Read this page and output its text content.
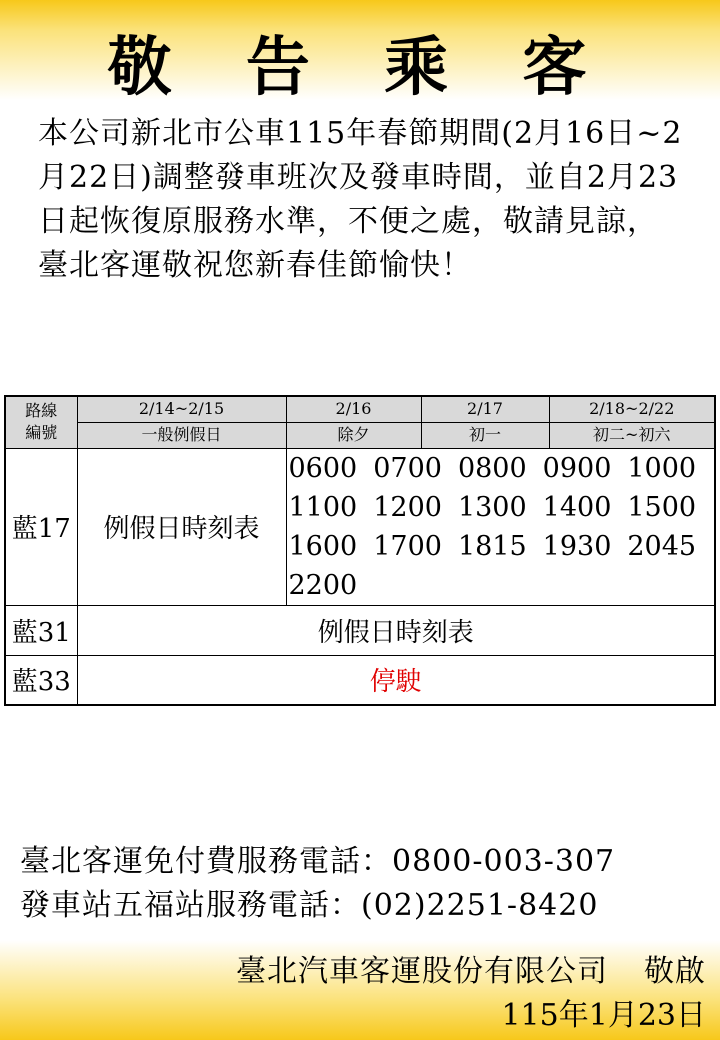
敬 告 乘 客
本公司新北市公車115年春節期間(2月16日~2月22日)調整發車班次及發車時間，並自2月23日起恢復原服務水準，不便之處，敬請見諒，臺北客運敬祝您新春佳節愉快！
路線
編號	2/14~2/15	2/16	2/17	2/18~2/22
	一般例假日	除夕	初一	初二~初六
藍17	例假日時刻表	0600 0700 0800 0900 1000
1100 1200 1300 1400 1500
1600 1700 1815 1930 2045
2200		

藍31	例假日時刻表			
藍33	停駛			
臺北客運免付費服務電話：0800-003-307
發車站五福站服務電話：(02)2251-8420
臺北汽車客運股份有限公司 敬啟
115年1月23日
